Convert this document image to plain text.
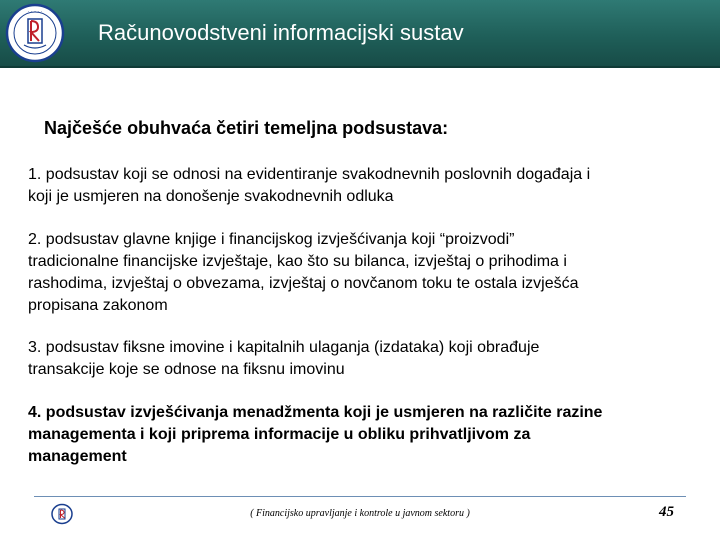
· · · · ·
Računovodstveni informacijski sustav
Najčešće obuhvaća četiri temeljna podsustava:
1. podsustav koji se odnosi na evidentiranje svakodnevnih poslovnih događaja i
koji je usmjeren na donošenje svakodnevnih odluka
2. podsustav glavne knjige i financijskog izvješćivanja koji “proizvodi”
tradicionalne financijske izvještaje, kao što su bilanca, izvještaj o prihodima i
rashodima, izvještaj o obvezama, izvještaj o novčanom toku te ostala izvješća
propisana zakonom
3. podsustav fiksne imovine i kapitalnih ulaganja (izdataka) koji obrađuje
transakcije koje se odnose na fiksnu imovinu
4. podsustav izvješćivanja menadžmenta koji je usmjeren na različite razine
managementa i koji priprema informacije u obliku prihvatljivom za
management
( Financijsko upravljanje i kontrole u javnom sektoru )	45
